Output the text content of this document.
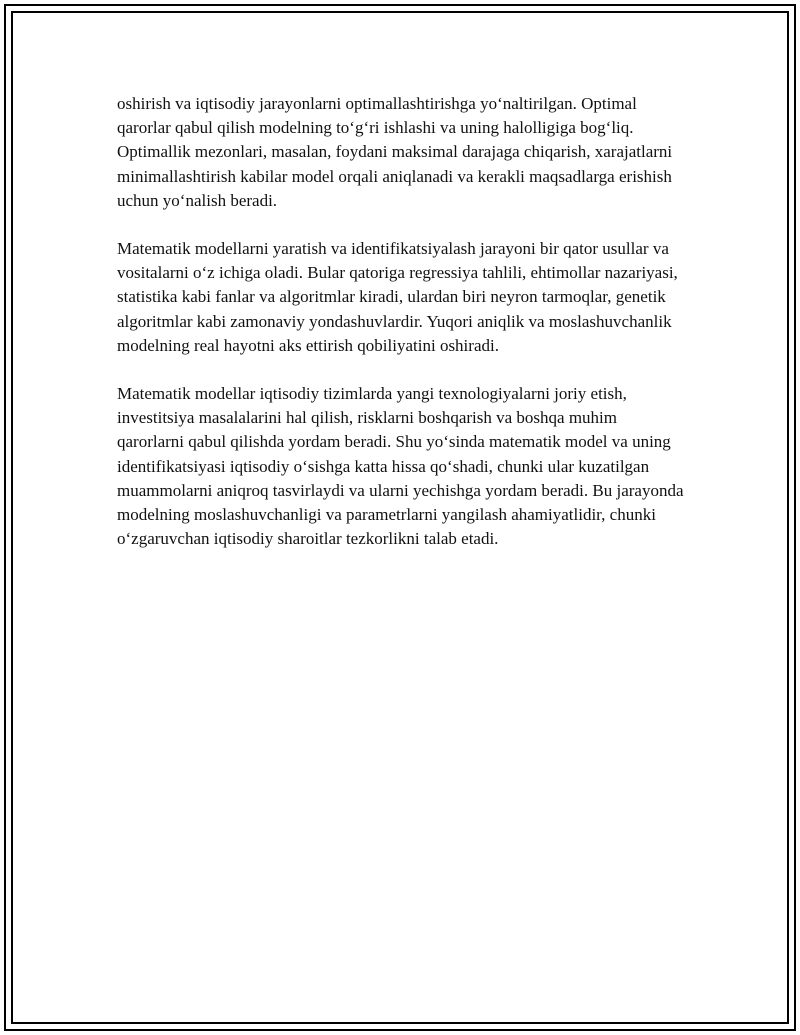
oshirish va iqtisodiy jarayonlarni optimallashtirishga yo‘naltirilgan. Optimal qarorlar qabul qilish modelning to‘g‘ri ishlashi va uning halolligiga bog‘liq. Optimallik mezonlari, masalan, foydani maksimal darajaga chiqarish, xarajatlarni minimallashtirish kabilar model orqali aniqlanadi va kerakli maqsadlarga erishish uchun yo‘nalish beradi.

Matematik modellarni yaratish va identifikatsiyalash jarayoni bir qator usullar va vositalarni o‘z ichiga oladi. Bular qatoriga regressiya tahlili, ehtimollar nazariyasi, statistika kabi fanlar va algoritmlar kiradi, ulardan biri neyron tarmoqlar, genetik algoritmlar kabi zamonaviy yondashuvlardir. Yuqori aniqlik va moslashuvchanlik modelning real hayotni aks ettirish qobiliyatini oshiradi.

Matematik modellar iqtisodiy tizimlarda yangi texnologiyalarni joriy etish, investitsiya masalalarini hal qilish, risklarni boshqarish va boshqa muhim qarorlarni qabul qilishda yordam beradi. Shu yo‘sinda matematik model va uning identifikatsiyasi iqtisodiy o‘sishga katta hissa qo‘shadi, chunki ular kuzatilgan muammolarni aniqroq tasvirlaydi va ularni yechishga yordam beradi. Bu jarayonda modelning moslashuvchanligi va parametrlarni yangilash ahamiyatlidir, chunki o‘zgaruvchan iqtisodiy sharoitlar tezkorlikni talab etadi.
